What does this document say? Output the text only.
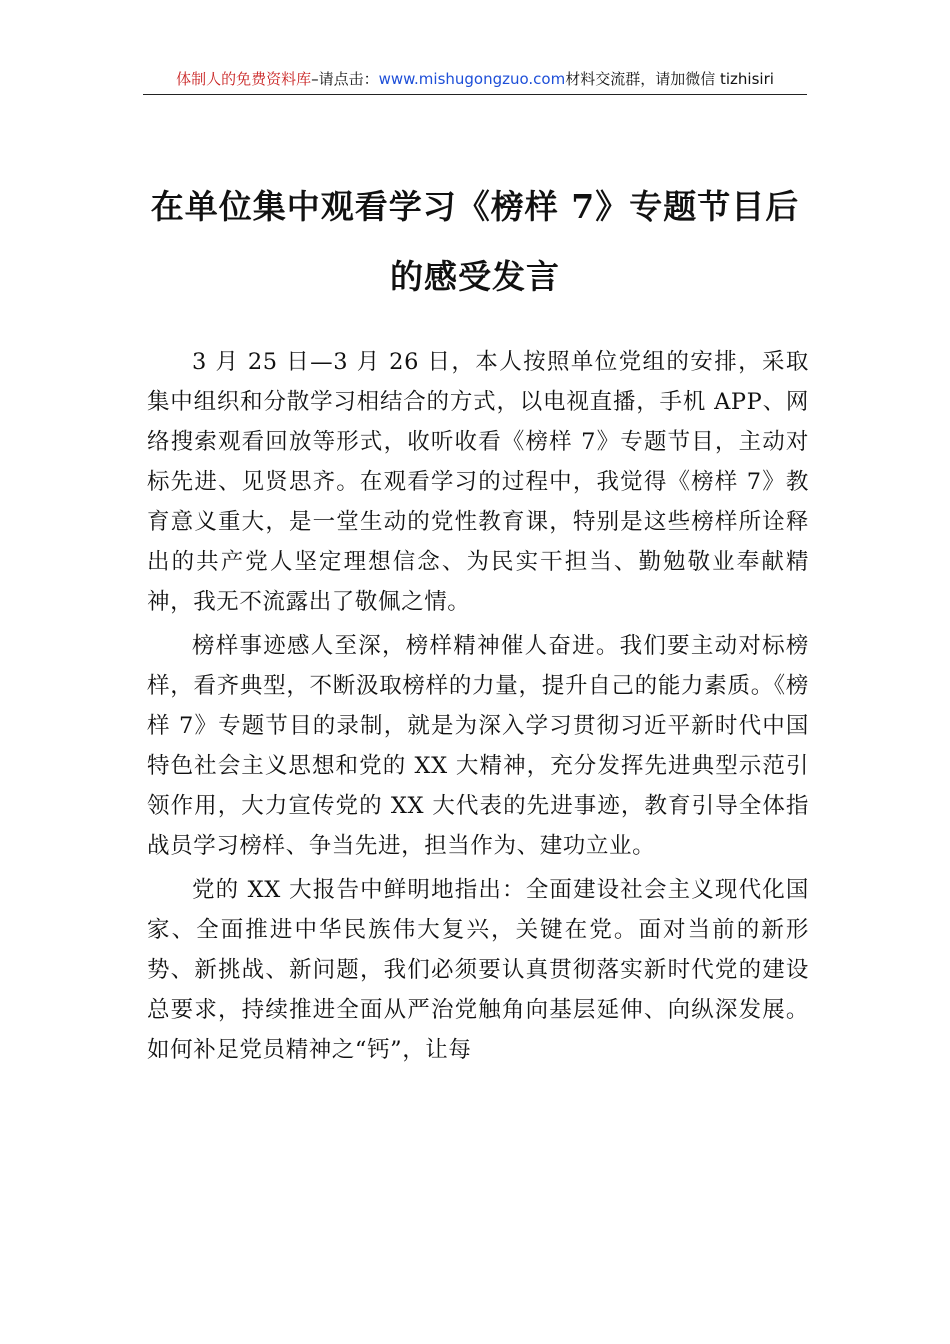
体制人的免费资料库–请点击：www.mishugongzuo.com材料交流群，请加微信 tizhisiri
在单位集中观看学习《榜样 7》专题节目后
的感受发言

3 月 25 日—3 月 26 日，本人按照单位党组的安排，采取集中组织和分散学习相结合的方式，以电视直播，手机 APP、网络搜索观看回放等形式，收听收看《榜样 7》专题节目，主动对标先进、见贤思齐。在观看学习的过程中，我觉得《榜样 7》教育意义重大，是一堂生动的党性教育课，特别是这些榜样所诠释出的共产党人坚定理想信念、为民实干担当、勤勉敬业奉献精神，我无不流露出了敬佩之情。

榜样事迹感人至深，榜样精神催人奋进。我们要主动对标榜样，看齐典型，不断汲取榜样的力量，提升自己的能力素质。《榜样 7》专题节目的录制，就是为深入学习贯彻习近平新时代中国特色社会主义思想和党的 XX 大精神，充分发挥先进典型示范引领作用，大力宣传党的 XX 大代表的先进事迹，教育引导全体指战员学习榜样、争当先进，担当作为、建功立业。

党的 XX 大报告中鲜明地指出：全面建设社会主义现代化国家、全面推进中华民族伟大复兴，关键在党。面对当前的新形势、新挑战、新问题，我们必须要认真贯彻落实新时代党的建设总要求，持续推进全面从严治党触角向基层延伸、向纵深发展。如何补足党员精神之“钙”，让每
